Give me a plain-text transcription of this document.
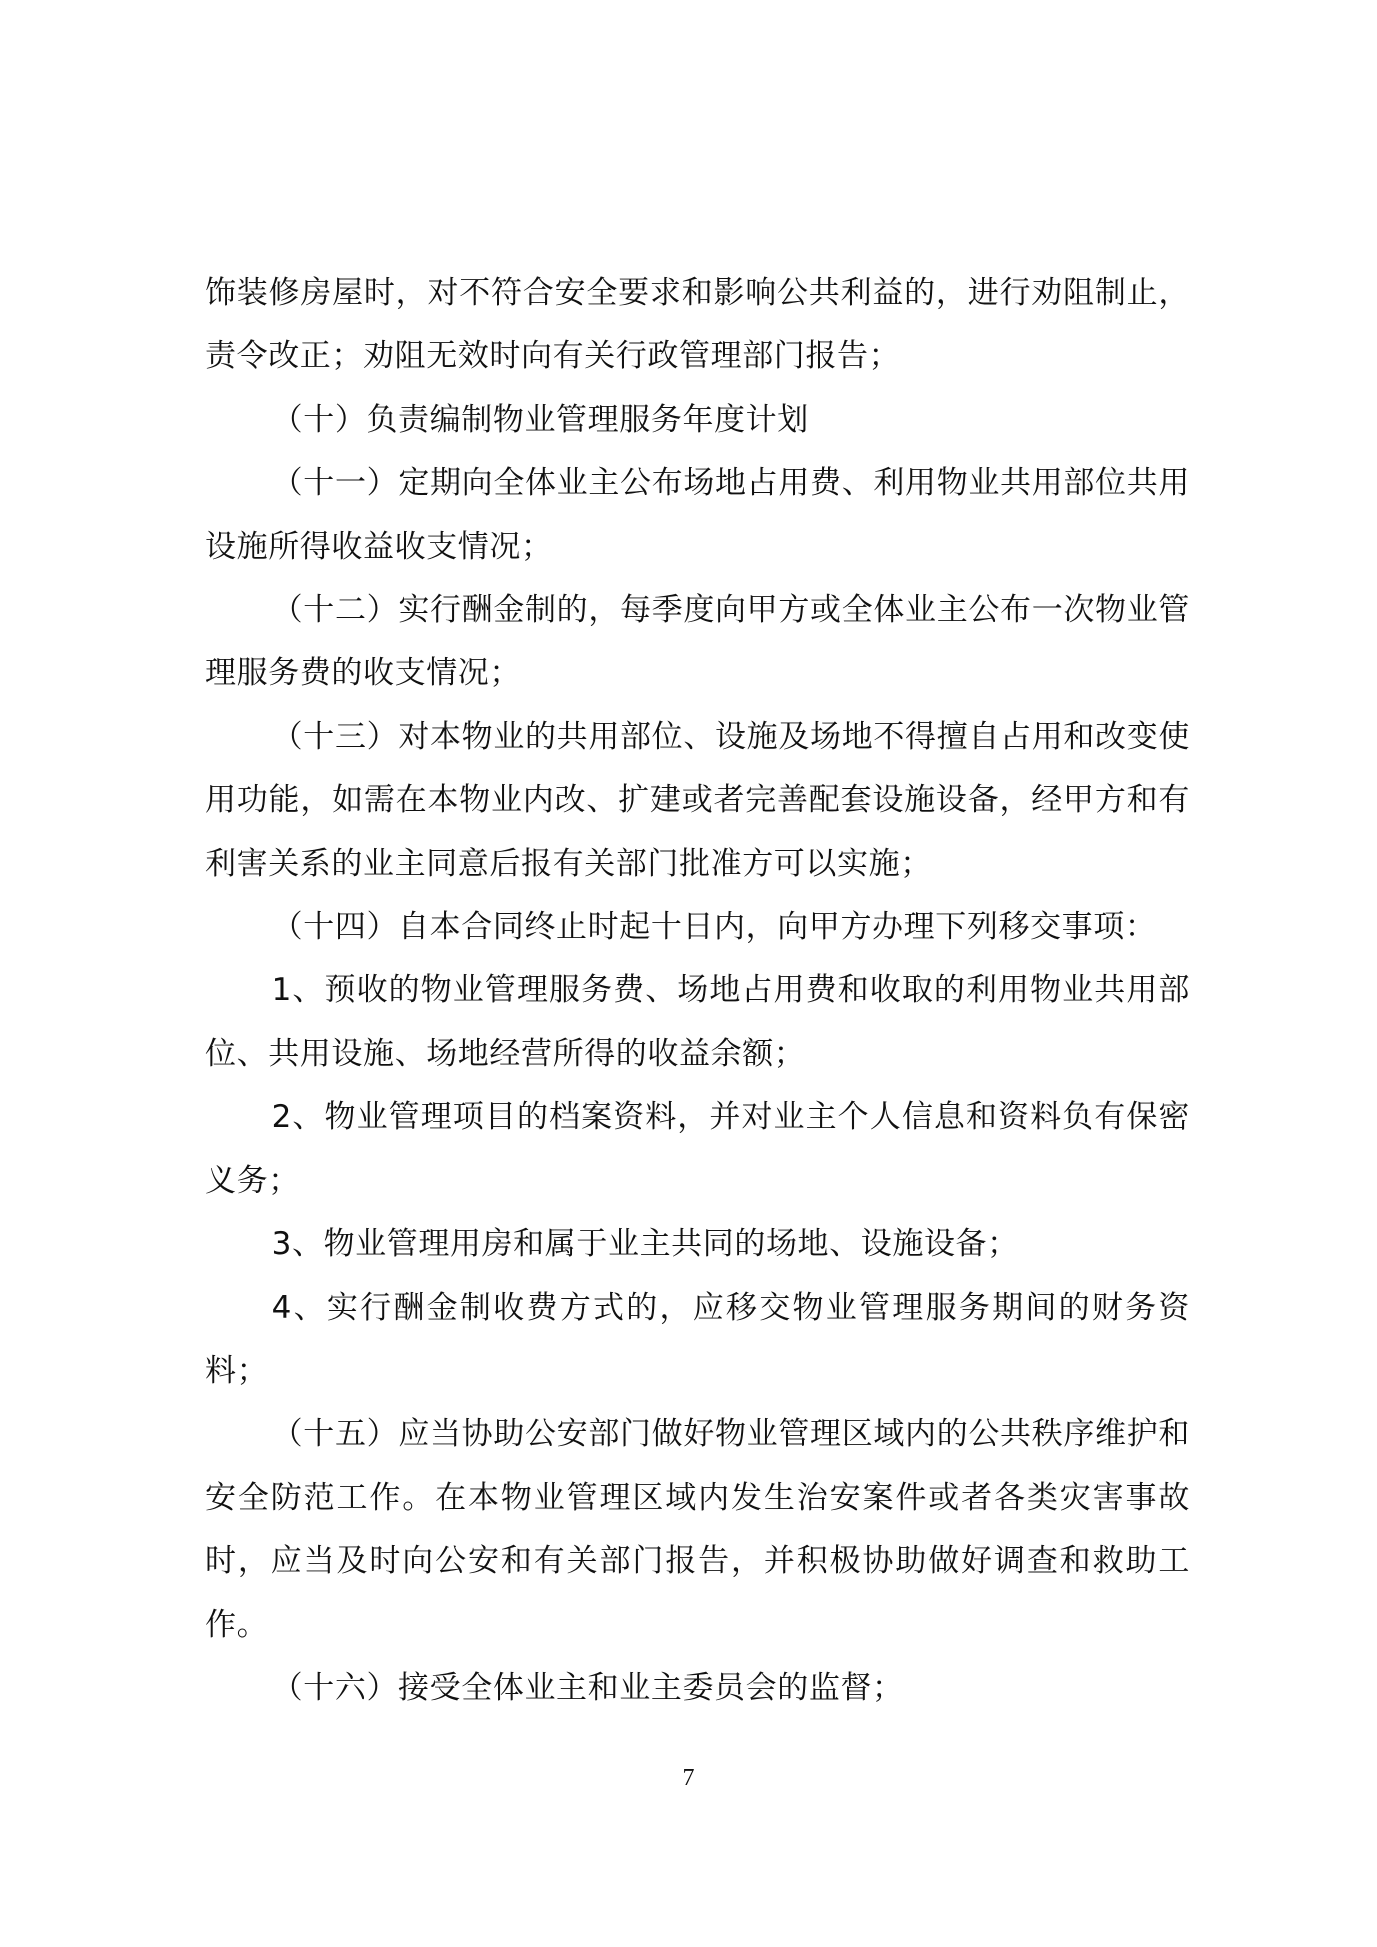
饰装修房屋时，对不符合安全要求和影响公共利益的，进行劝阻制止，责令改正；劝阻无效时向有关行政管理部门报告；

（十）负责编制物业管理服务年度计划

（十一）定期向全体业主公布场地占用费、利用物业共用部位共用设施所得收益收支情况；

（十二）实行酬金制的，每季度向甲方或全体业主公布一次物业管理服务费的收支情况；

（十三）对本物业的共用部位、设施及场地不得擅自占用和改变使用功能，如需在本物业内改、扩建或者完善配套设施设备，经甲方和有利害关系的业主同意后报有关部门批准方可以实施；

（十四）自本合同终止时起十日内，向甲方办理下列移交事项：

1、预收的物业管理服务费、场地占用费和收取的利用物业共用部位、共用设施、场地经营所得的收益余额；

2、物业管理项目的档案资料，并对业主个人信息和资料负有保密义务；

3、物业管理用房和属于业主共同的场地、设施设备；

4、实行酬金制收费方式的，应移交物业管理服务期间的财务资料；

（十五）应当协助公安部门做好物业管理区域内的公共秩序维护和安全防范工作。在本物业管理区域内发生治安案件或者各类灾害事故时，应当及时向公安和有关部门报告，并积极协助做好调查和救助工作。

（十六）接受全体业主和业主委员会的监督；

7
